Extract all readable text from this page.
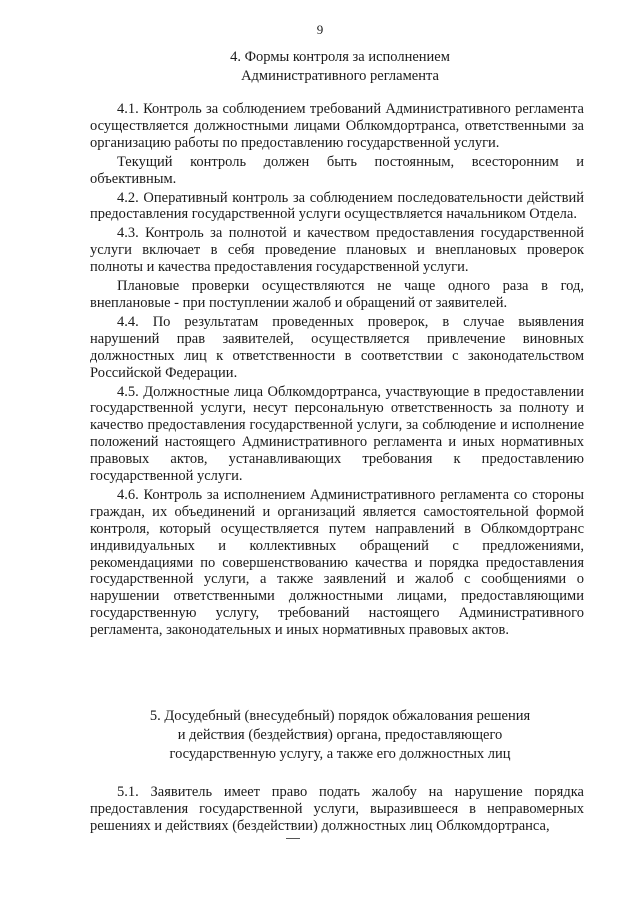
9
4. Формы контроля за исполнением
Административного регламента

4.1. Контроль за соблюдением требований Административного регламента осуществляется должностными лицами Облкомдортранса, ответственными за организацию работы по предоставлению государственной услуги.

Текущий контроль должен быть постоянным, всесторонним и объективным.

4.2. Оперативный контроль за соблюдением последовательности действий предоставления государственной услуги осуществляется начальником Отдела.

4.3. Контроль за полнотой и качеством предоставления государственной услуги включает в себя проведение плановых и внеплановых проверок полноты и качества предоставления государственной услуги.

Плановые проверки осуществляются не чаще одного раза в год, внеплановые - при поступлении жалоб и обращений от заявителей.

4.4. По результатам проведенных проверок, в случае выявления нарушений прав заявителей, осуществляется привлечение виновных должностных лиц к ответственности в соответствии с законодательством Российской Федерации.

4.5. Должностные лица Облкомдортранса, участвующие в предоставлении государственной услуги, несут персональную ответственность за полноту и качество предоставления государственной услуги, за соблюдение и исполнение положений настоящего Административного регламента и иных нормативных правовых актов, устанавливающих требования к предоставлению государственной услуги.

4.6. Контроль за исполнением Административного регламента со стороны граждан, их объединений и организаций является самостоятельной формой контроля, который осуществляется путем направлений в Облкомдортранс индивидуальных и коллективных обращений с предложениями, рекомендациями по совершенствованию качества и порядка предоставления государственной услуги, а также заявлений и жалоб с сообщениями о нарушении ответственными должностными лицами, предоставляющими государственную услугу, требований настоящего Административного регламента, законодательных и иных нормативных правовых актов.

5. Досудебный (внесудебный) порядок обжалования решения
и действия (бездействия) органа, предоставляющего
государственную услугу, а также его должностных лиц

5.1. Заявитель имеет право подать жалобу на нарушение порядка предоставления государственной услуги, выразившееся в неправомерных решениях и действиях (бездействии) должностных лиц Облкомдортранса,
